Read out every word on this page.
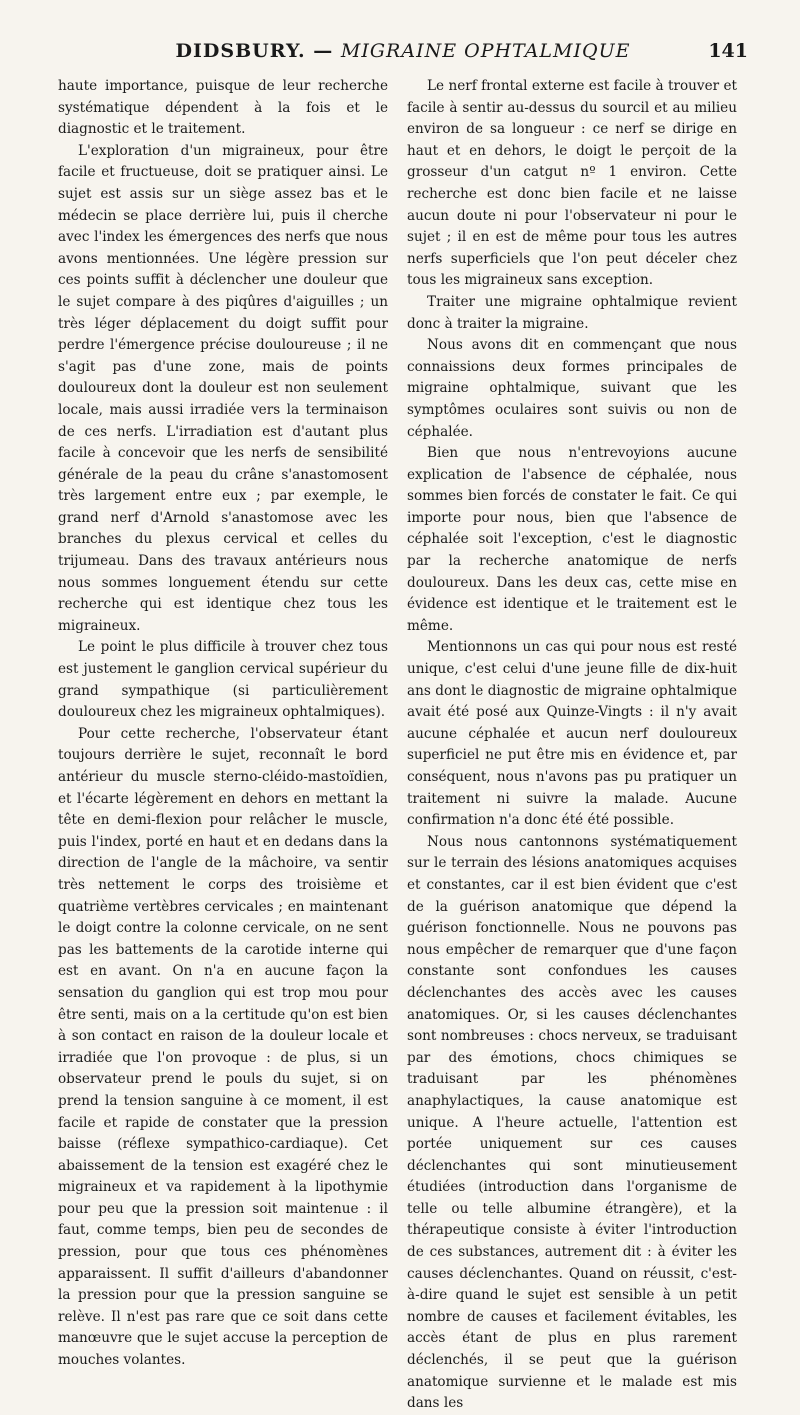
DIDSBURY. — MIGRAINE OPHTALMIQUE	141

haute importance, puisque de leur recherche systématique dépendent à la fois et le diagnostic et le traitement.

L'exploration d'un migraineux, pour être facile et fructueuse, doit se pratiquer ainsi. Le sujet est assis sur un siège assez bas et le médecin se place derrière lui, puis il cherche avec l'index les émergences des nerfs que nous avons mentionnées. Une légère pression sur ces points suffit à déclencher une douleur que le sujet compare à des piqûres d'aiguilles ; un très léger déplacement du doigt suffit pour perdre l'émergence précise douloureuse ; il ne s'agit pas d'une zone, mais de points douloureux dont la douleur est non seulement locale, mais aussi irradiée vers la terminaison de ces nerfs. L'irradiation est d'autant plus facile à concevoir que les nerfs de sensibilité générale de la peau du crâne s'anastomosent très largement entre eux ; par exemple, le grand nerf d'Arnold s'anastomose avec les branches du plexus cervical et celles du trijumeau. Dans des travaux antérieurs nous nous sommes longuement étendu sur cette recherche qui est identique chez tous les migraineux.

Le point le plus difficile à trouver chez tous est justement le ganglion cervical supérieur du grand sympathique (si particulièrement douloureux chez les migraineux ophtalmiques).

Pour cette recherche, l'observateur étant toujours derrière le sujet, reconnaît le bord antérieur du muscle sterno-cléido-mastoïdien, et l'écarte légèrement en dehors en mettant la tête en demi-flexion pour relâcher le muscle, puis l'index, porté en haut et en dedans dans la direction de l'angle de la mâchoire, va sentir très nettement le corps des troisième et quatrième vertèbres cervicales ; en maintenant le doigt contre la colonne cervicale, on ne sent pas les battements de la carotide interne qui est en avant. On n'a en aucune façon la sensation du ganglion qui est trop mou pour être senti, mais on a la certitude qu'on est bien à son contact en raison de la douleur locale et irradiée que l'on provoque : de plus, si un observateur prend le pouls du sujet, si on prend la tension sanguine à ce moment, il est facile et rapide de constater que la pression baisse (réflexe sympathico-cardiaque). Cet abaissement de la tension est exagéré chez le migraineux et va rapidement à la lipothymie pour peu que la pression soit maintenue : il faut, comme temps, bien peu de secondes de pression, pour que tous ces phénomènes apparaissent. Il suffit d'ailleurs d'abandonner la pression pour que la pression sanguine se relève. Il n'est pas rare que ce soit dans cette manœuvre que le sujet accuse la perception de mouches volantes.

Le nerf frontal externe est facile à trouver et facile à sentir au-dessus du sourcil et au milieu environ de sa longueur : ce nerf se dirige en haut et en dehors, le doigt le perçoit de la grosseur d'un catgut nº 1 environ. Cette recherche est donc bien facile et ne laisse aucun doute ni pour l'observateur ni pour le sujet ; il en est de même pour tous les autres nerfs superficiels que l'on peut déceler chez tous les migraineux sans exception.

Traiter une migraine ophtalmique revient donc à traiter la migraine.

Nous avons dit en commençant que nous connaissions deux formes principales de migraine ophtalmique, suivant que les symptômes oculaires sont suivis ou non de céphalée.

Bien que nous n'entrevoyions aucune explication de l'absence de céphalée, nous sommes bien forcés de constater le fait. Ce qui importe pour nous, bien que l'absence de céphalée soit l'exception, c'est le diagnostic par la recherche anatomique de nerfs douloureux. Dans les deux cas, cette mise en évidence est identique et le traitement est le même.

Mentionnons un cas qui pour nous est resté unique, c'est celui d'une jeune fille de dix-huit ans dont le diagnostic de migraine ophtalmique avait été posé aux Quinze-Vingts : il n'y avait aucune céphalée et aucun nerf douloureux superficiel ne put être mis en évidence et, par conséquent, nous n'avons pas pu pratiquer un traitement ni suivre la malade. Aucune confirmation n'a donc été été possible.

Nous nous cantonnons systématiquement sur le terrain des lésions anatomiques acquises et constantes, car il est bien évident que c'est de la guérison anatomique que dépend la guérison fonctionnelle. Nous ne pouvons pas nous empêcher de remarquer que d'une façon constante sont confondues les causes déclenchantes des accès avec les causes anatomiques. Or, si les causes déclenchantes sont nombreuses : chocs nerveux, se traduisant par des émotions, chocs chimiques se traduisant par les phénomènes anaphylactiques, la cause anatomique est unique. A l'heure actuelle, l'attention est portée uniquement sur ces causes déclenchantes qui sont minutieusement étudiées (introduction dans l'organisme de telle ou telle albumine étrangère), et la thérapeutique consiste à éviter l'introduction de ces substances, autrement dit : à éviter les causes déclenchantes. Quand on réussit, c'est-à-dire quand le sujet est sensible à un petit nombre de causes et facilement évitables, les accès étant de plus en plus rarement déclenchés, il se peut que la guérison anatomique survienne et le malade est mis dans les
